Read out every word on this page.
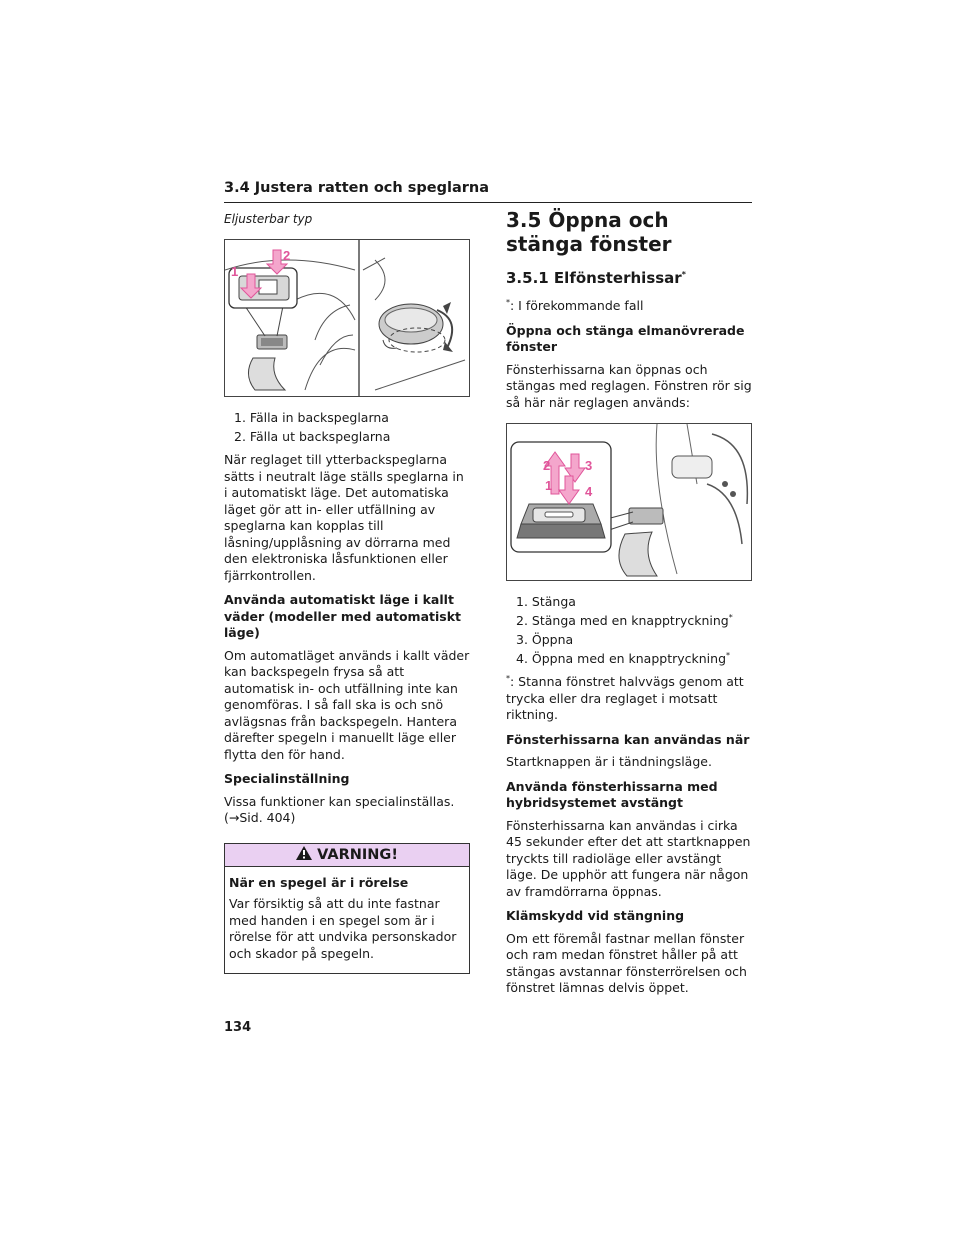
3.4 Justera ratten och speglarna
Eljusterbar typ
1
2
1. Fälla in backspeglarna
2. Fälla ut backspeglarna

När reglaget till ytterbackspeglarna sätts i neutralt läge ställs speglarna in i automatiskt läge. Det automatiska läget gör att in- eller utfällning av speglarna kan kopplas till låsning/upplåsning av dörrarna med den elektroniska låsfunktionen eller fjärrkontrollen.

Använda automatiskt läge i kallt väder (modeller med automatiskt läge)

Om automatläget används i kallt väder kan backspegeln frysa så att automatisk in- och utfällning inte kan genomföras. I så fall ska is och snö avlägsnas från backspegeln. Hantera därefter spegeln i manuellt läge eller flytta den för hand.

Specialinställning

Vissa funktioner kan specialinställas. (→Sid. 404)

VARNING!

När en spegel är i rörelse

Var försiktig så att du inte fastnar med handen i en spegel som är i rörelse för att undvika personskador och skador på spegeln.

3.5 Öppna och stänga fönster
3.5.1 Elfönsterhissar*

*: I förekommande fall

Öppna och stänga elmanövrerade fönster

Fönsterhissarna kan öppnas och stängas med reglagen. Fönstren rör sig så här när reglagen används:

2	3
1	4
1. Stänga
2. Stänga med en knapptryckning*
3. Öppna
4. Öppna med en knapptryckning*

*: Stanna fönstret halvvägs genom att trycka eller dra reglaget i motsatt riktning.

Fönsterhissarna kan användas när

Startknappen är i tändningsläge.

Använda fönsterhissarna med hybridsystemet avstängt

Fönsterhissarna kan användas i cirka 45 sekunder efter det att startknappen tryckts till radioläge eller avstängt läge. De upphör att fungera när någon av framdörrarna öppnas.

Klämskydd vid stängning

Om ett föremål fastnar mellan fönster och ram medan fönstret håller på att stängas avstannar fönsterrörelsen och fönstret lämnas delvis öppet.

134
